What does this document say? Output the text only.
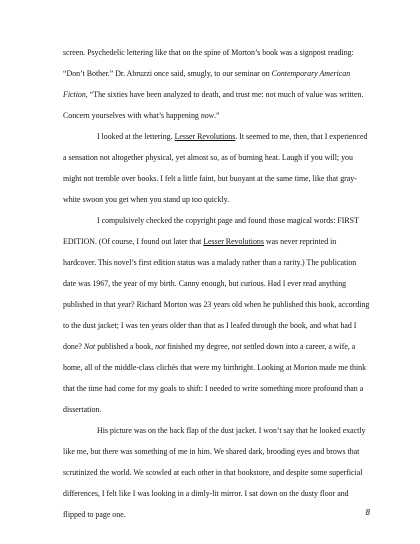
screen. Psychedelic lettering like that on the spine of Morton’s book was a signpost reading: “Don’t Bother.” Dr. Abruzzi once said, smugly, to our seminar on Contemporary American Fiction, “The sixties have been analyzed to death, and trust me: not much of value was written. Concern yourselves with what’s happening now.”

I looked at the lettering. Lesser Revolutions. It seemed to me, then, that I experienced a sensation not altogether physical, yet almost so, as of burning heat. Laugh if you will; you might not tremble over books. I felt a little faint, but buoyant at the same time, like that gray-white swoon you get when you stand up too quickly.

I compulsively checked the copyright page and found those magical words: FIRST EDITION. (Of course, I found out later that Lesser Revolutions was never reprinted in hardcover. This novel’s first edition status was a malady rather than a rarity.) The publication date was 1967, the year of my birth. Canny enough, but curious. Had I ever read anything published in that year? Richard Morton was 23 years old when he published this book, according to the dust jacket; I was ten years older than that as I leafed through the book, and what had I done? Not published a book, not finished my degree, not settled down into a career, a wife, a home, all of the middle-class clichés that were my birthright. Looking at Morton made me think that the time had come for my goals to shift: I needed to write something more profound than a dissertation.

His picture was on the back flap of the dust jacket. I won’t say that he looked exactly like me, but there was something of me in him. We shared dark, brooding eyes and brows that scrutinized the world. We scowled at each other in that bookstore, and despite some superficial differences, I felt like I was looking in a dimly-lit mirror. I sat down on the dusty floor and flipped to page one.	8
